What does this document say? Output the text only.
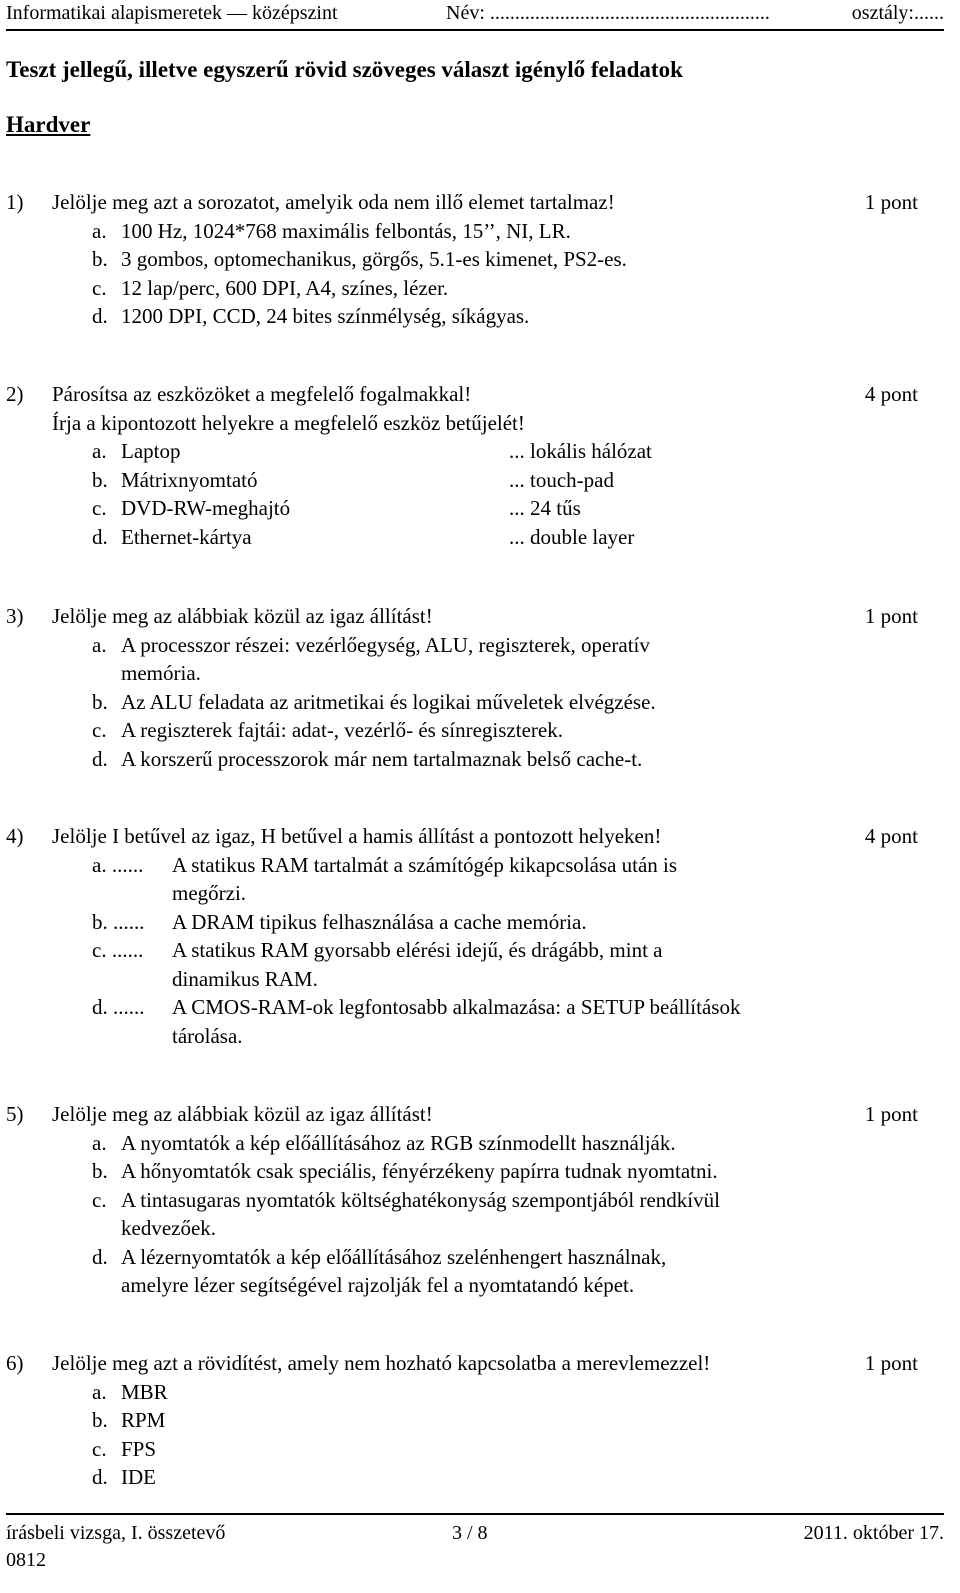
Informatikai alapismeretek — középszint	Név: ........................................................	osztály:......
Teszt jellegű, illetve egyszerű rövid szöveges választ igénylő feladatok
Hardver
1) Jelölje meg azt a sorozatot, amelyik oda nem illő elemet tartalmaz!	1 pont
a. 100 Hz, 1024*768 maximális felbontás, 15’’, NI, LR.
b. 3 gombos, optomechanikus, görgős, 5.1-es kimenet, PS2-es.
c. 12 lap/perc, 600 DPI, A4, színes, lézer.
d. 1200 DPI, CCD, 24 bites színmélység, síkágyas.
2) Párosítsa az eszközöket a megfelelő fogalmakkal!	4 pont
Írja a kipontozott helyekre a megfelelő eszköz betűjelét!
a. Laptop	... lokális hálózat
b. Mátrixnyomtató	... touch-pad
c. DVD-RW-meghajtó	... 24 tűs
d. Ethernet-kártya	... double layer
3) Jelölje meg az alábbiak közül az igaz állítást!	1 pont
a. A processzor részei: vezérlőegység, ALU, regiszterek, operatív
memória.
b. Az ALU feladata az aritmetikai és logikai műveletek elvégzése.
c. A regiszterek fajtái: adat-, vezérlő- és sínregiszterek.
d. A korszerű processzorok már nem tartalmaznak belső cache-t.
4) Jelölje I betűvel az igaz, H betűvel a hamis állítást a pontozott helyeken!	4 pont
a. ...... A statikus RAM tartalmát a számítógép kikapcsolása után is
megőrzi.
b. ...... A DRAM tipikus felhasználása a cache memória.
c. ...... A statikus RAM gyorsabb elérési idejű, és drágább, mint a
dinamikus RAM.
d. ...... A CMOS-RAM-ok legfontosabb alkalmazása: a SETUP beállítások
tárolása.
5) Jelölje meg az alábbiak közül az igaz állítást!	1 pont
a. A nyomtatók a kép előállításához az RGB színmodellt használják.
b. A hőnyomtatók csak speciális, fényérzékeny papírra tudnak nyomtatni.
c. A tintasugaras nyomtatók költséghatékonyság szempontjából rendkívül
kedvezőek.
d. A lézernyomtatók a kép előállításához szelénhengert használnak,
amelyre lézer segítségével rajzolják fel a nyomtatandó képet.
6) Jelölje meg azt a rövidítést, amely nem hozható kapcsolatba a merevlemezzel!	1 pont
a. MBR
b. RPM
c. FPS
d. IDE
írásbeli vizsga, I. összetevő	3 / 8	2011. október 17.
0812
